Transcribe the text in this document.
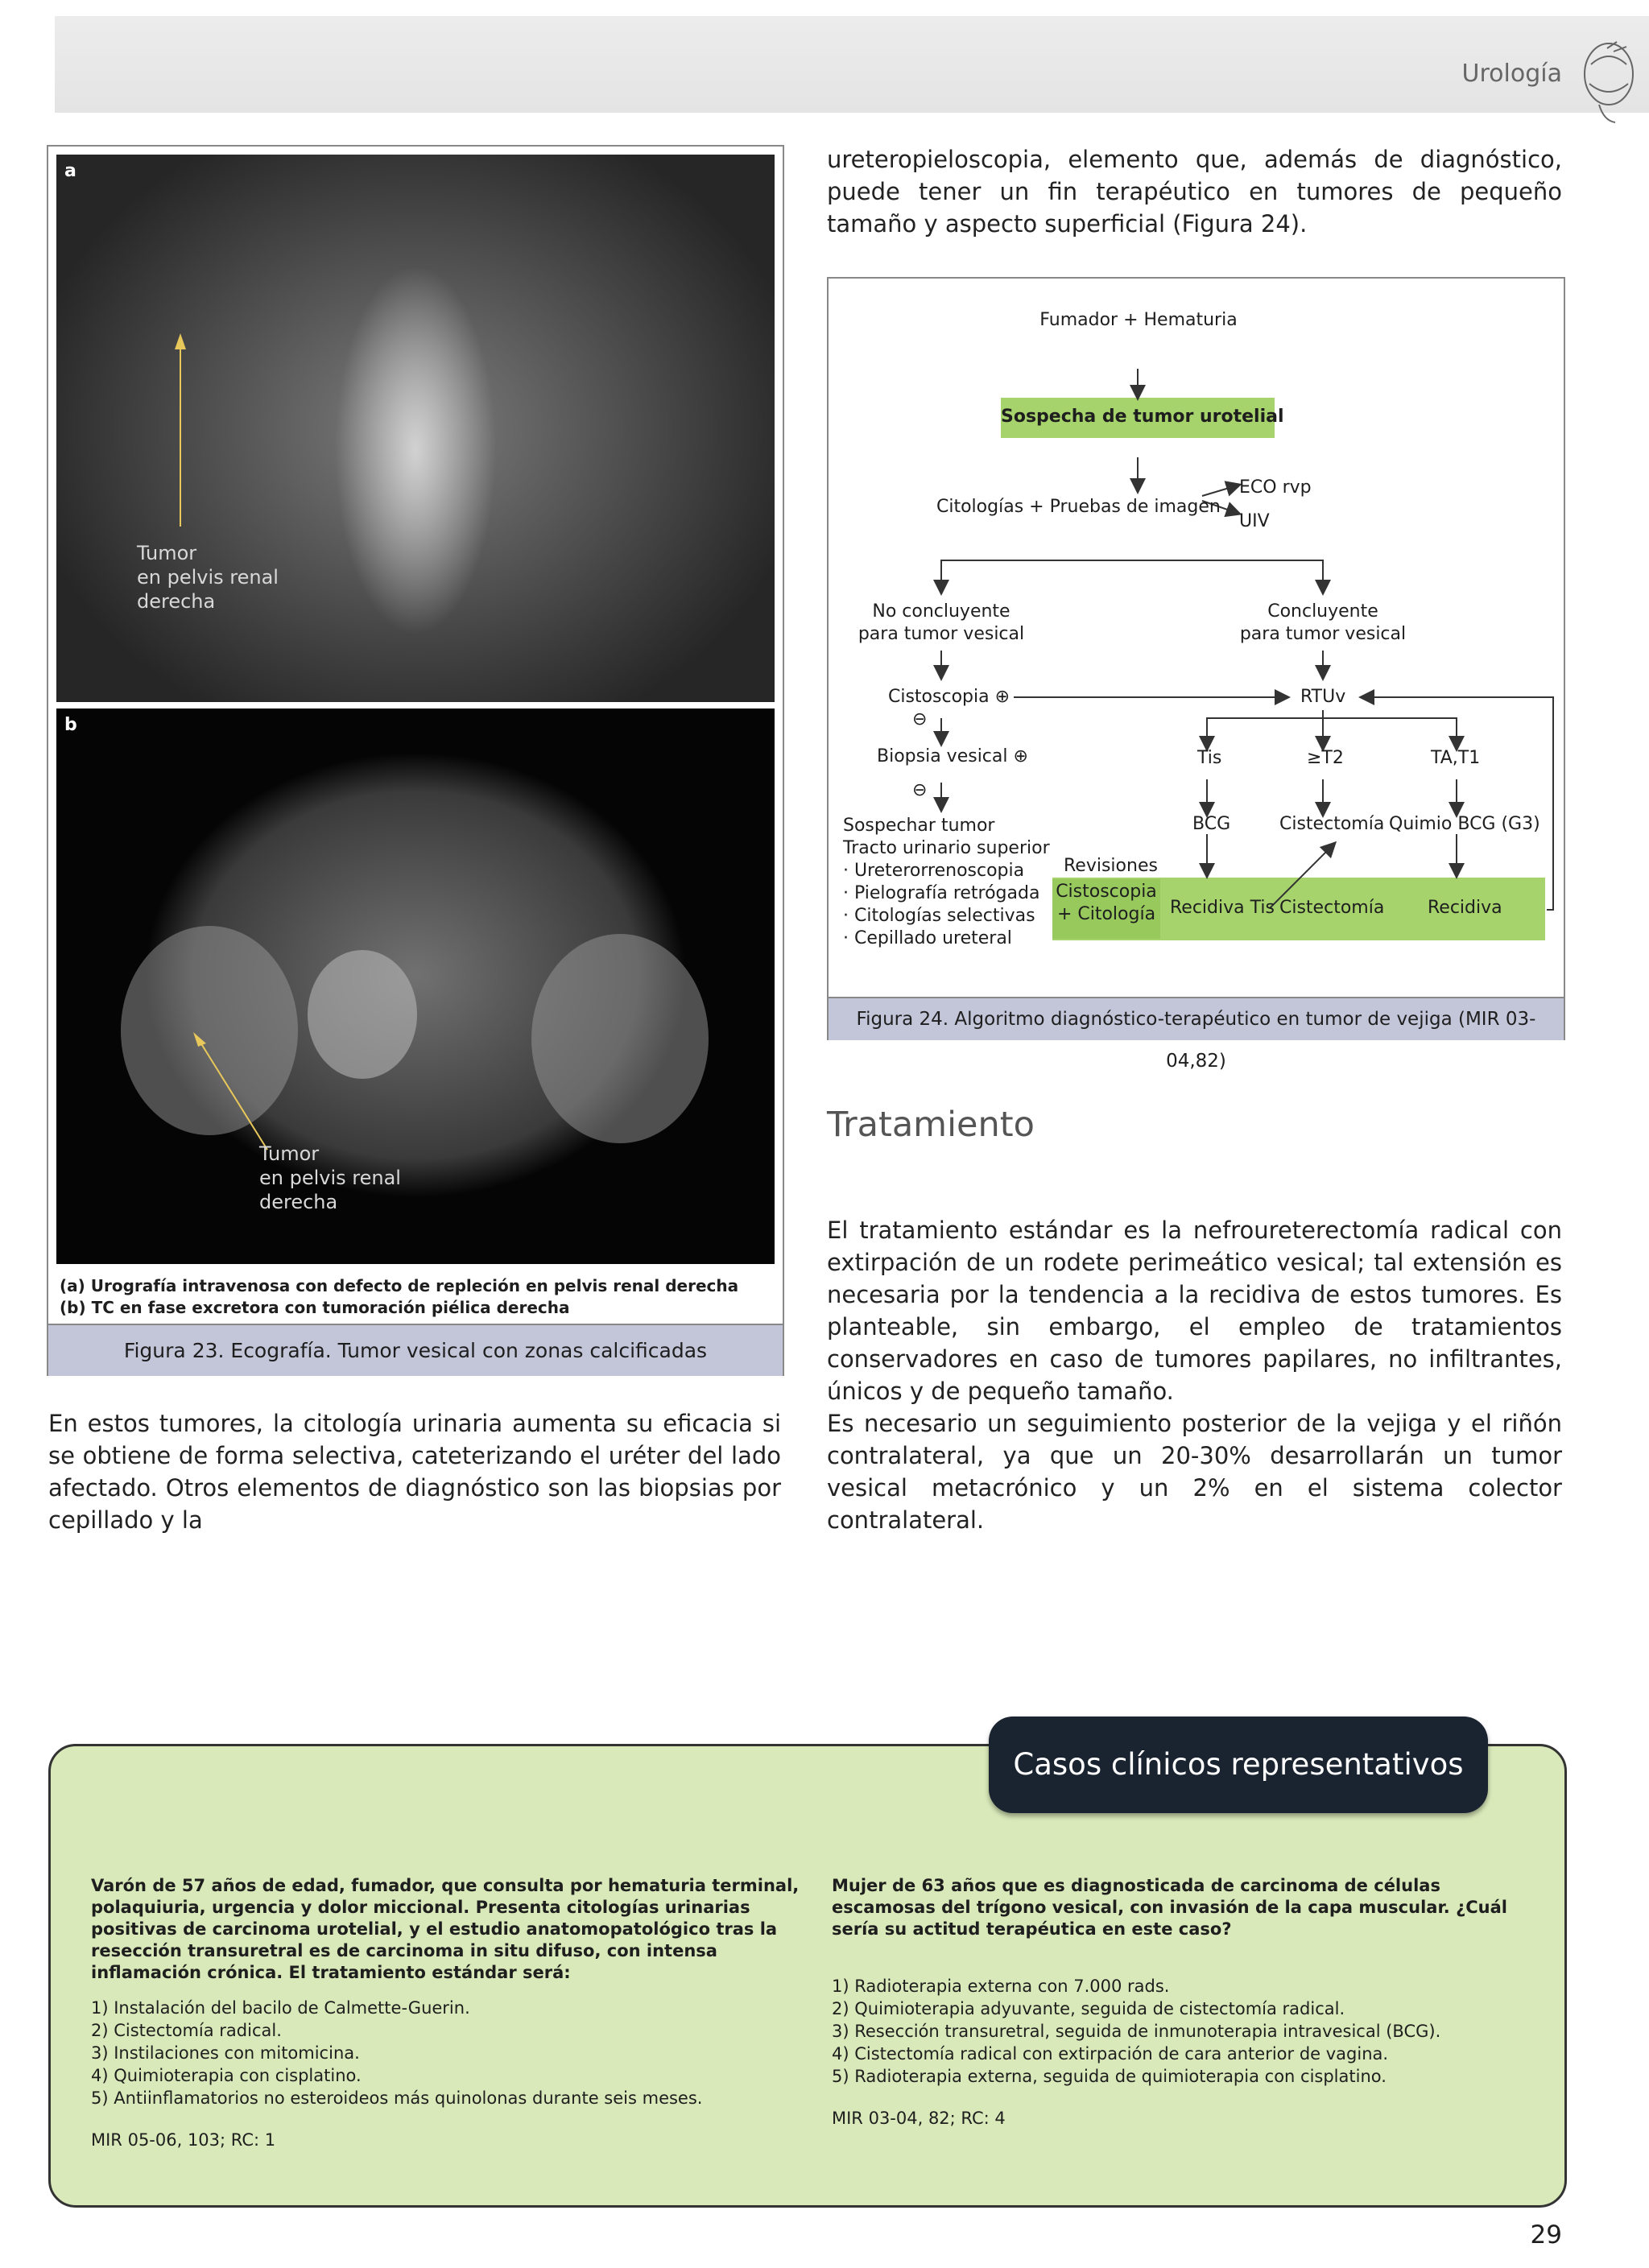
Urología
a
Tumor
en pelvis renal
derecha
b
Tumor
en pelvis renal
derecha
(a) Urografía intravenosa con defecto de repleción en pelvis renal derecha
(b) TC en fase excretora con tumoración piélica derecha
Figura 23. Ecografía. Tumor vesical con zonas calcificadas
En estos tumores, la citología urinaria aumenta su eficacia si se obtiene de forma selectiva, cateterizando el uréter del lado afectado. Otros elementos de diagnóstico son las biopsias por cepillado y la
ureteropieloscopia, elemento que, además de diagnóstico, puede tener un fin terapéutico en tumores de pequeño tamaño y aspecto superficial (Figura 24).
Fumador + Hematuria
Sospecha de tumor urotelial
Citologías + Pruebas de imagen
ECO rvp
UIV
No concluyente
para tumor vesical
Concluyente
para tumor vesical
Cistoscopia ⊕
⊖
Biopsia vesical ⊕
⊖
Sospechar tumor
Tracto urinario superior
· Ureterorrenoscopia
· Pielografía retrógada
· Citologías selectivas
· Cepillado ureteral
RTUv
Tis	≥T2	TA,T1
BCG	Cistectomía Quimio BCG (G3)
Revisiones
Cistoscopia
+ Citología Recidiva Tis Cistectomía Recidiva
Figura 24. Algoritmo diagnóstico-terapéutico en tumor de vejiga (MIR 03-04,82)
Tratamiento
El tratamiento estándar es la nefroureterectomía radical con extirpación de un rodete perimeático vesical; tal extensión es necesaria por la tendencia a la recidiva de estos tumores. Es planteable, sin embargo, el empleo de tratamientos conservadores en caso de tumores papilares, no infiltrantes, únicos y de pequeño tamaño.
Es necesario un seguimiento posterior de la vejiga y el riñón contralateral, ya que un 20-30% desarrollarán un tumor vesical metacrónico y un 2% en el sistema colector contralateral.
Varón de 57 años de edad, fumador, que consulta por hematuria terminal, polaquiuria, urgencia y dolor miccional. Presenta citologías urinarias positivas de carcinoma urotelial, y el estudio anatomopatológico tras la resección transuretral es de carcinoma in situ difuso, con intensa inflamación crónica. El tratamiento estándar será:
1) Instalación del bacilo de Calmette-Guerin.
2) Cistectomía radical.
3) Instilaciones con mitomicina.
4) Quimioterapia con cisplatino.
5) Antiinflamatorios no esteroideos más quinolonas durante seis meses.
MIR 05-06, 103; RC: 1
Mujer de 63 años que es diagnosticada de carcinoma de células escamosas del trígono vesical, con invasión de la capa muscular. ¿Cuál sería su actitud terapéutica en este caso?
1) Radioterapia externa con 7.000 rads.
2) Quimioterapia adyuvante, seguida de cistectomía radical.
3) Resección transuretral, seguida de inmunoterapia intravesical (BCG).
4) Cistectomía radical con extirpación de cara anterior de vagina.
5) Radioterapia externa, seguida de quimioterapia con cisplatino.
MIR 03-04, 82; RC: 4
Casos clínicos representativos
29
